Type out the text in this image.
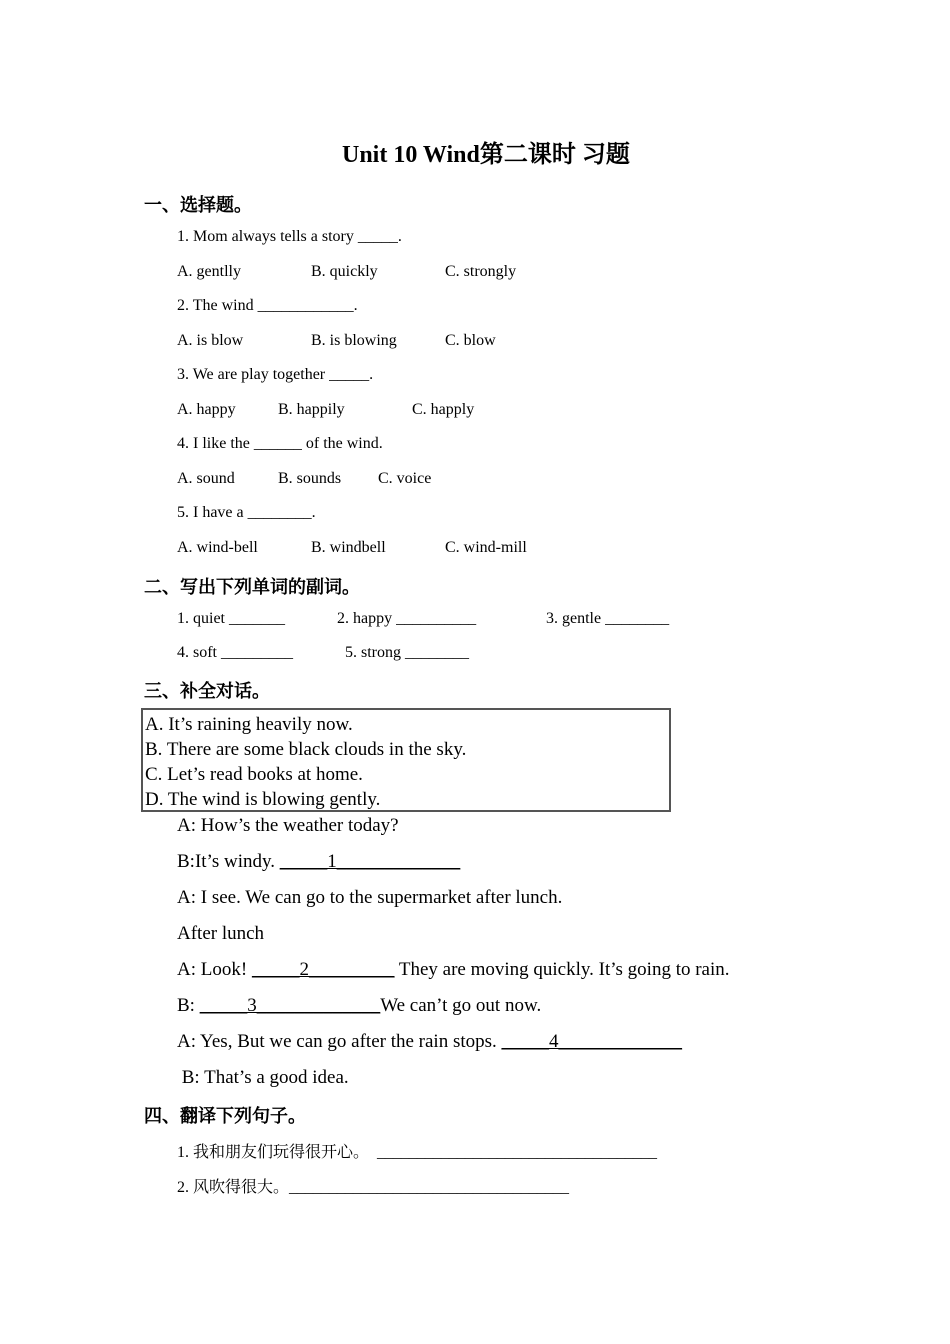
Unit 10 Wind第二课时 习题
一、选择题。
1. Mom always tells a story _____.
A. gentlly	B. quickly	C. strongly
2. The wind ____________.
A. is blow	B. is blowing	C. blow
3. We are play together _____.
A. happy	B. happily	C. happly
4. I like the ______ of the wind.
A. sound	B. sounds C. voice
5. I have a ________.
A. wind-bell	B. windbell	C. wind-mill
二、写出下列单词的副词。
1. quiet _______	2. happy __________	3. gentle ________
4. soft _________	5. strong ________
三、补全对话。
A. It’s raining heavily now.
B. There are some black clouds in the sky.
C. Let’s read books at home.
D. The wind is blowing gently.
A: How’s the weather today?
B:It’s windy. _____1_____________
A: I see. We can go to the supermarket after lunch.
After lunch
A: Look! _____2_________ They are moving quickly. It’s going to rain.
B: _____3_____________We can’t go out now.
A: Yes, But we can go after the rain stops. _____4_____________
B: That’s a good idea.
四、翻译下列句子。
1. 我和朋友们玩得很开心。  ___________________________________
2. 风吹得很大。___________________________________
